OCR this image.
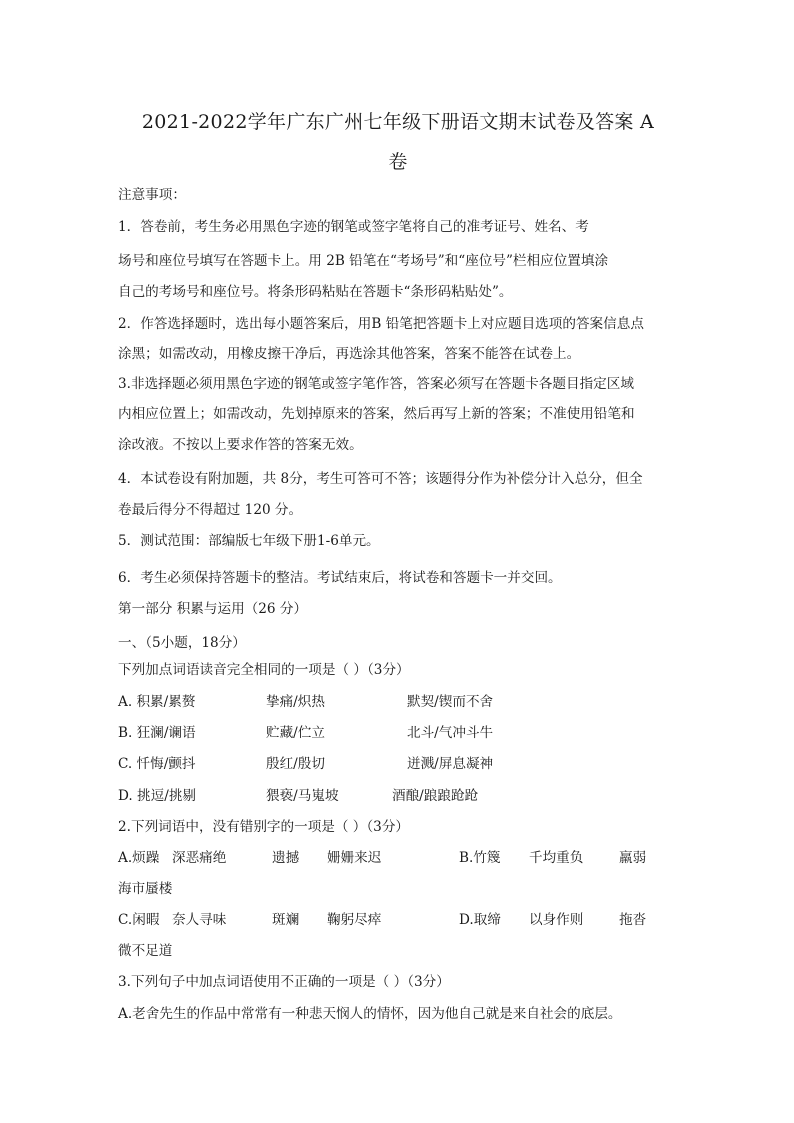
2021-2022学年广东广州七年级下册语文期末试卷及答案 A
卷
注意事项：
1．答卷前，考生务必用黑色字迹的钢笔或签字笔将自己的准考证号、姓名、考
场号和座位号填写在答题卡上。用 2B 铅笔在“考场号”和“座位号”栏相应位置填涂
自己的考场号和座位号。将条形码粘贴在答题卡“条形码粘贴处”。
2．作答选择题时，选出每小题答案后，用B 铅笔把答题卡上对应题目选项的答案信息点
涂黑；如需改动，用橡皮擦干净后，再选涂其他答案，答案不能答在试卷上。
3.非选择题必须用黑色字迹的钢笔或签字笔作答，答案必须写在答题卡各题目指定区域
内相应位置上；如需改动，先划掉原来的答案，然后再写上新的答案；不准使用铅笔和
涂改液。不按以上要求作答的答案无效。
4．本试卷设有附加题，共 8分，考生可答可不答；该题得分作为补偿分计入总分，但全
卷最后得分不得超过 120 分。
5．测试范围：部编版七年级下册1-6单元。
6．考生必须保持答题卡的整洁。考试结束后，将试卷和答题卡一并交回。
第一部分 积累与运用（26 分）
一、（5小题，18分）
下列加点词语读音完全相同的一项是（ ）（3分）
A. 积累/累赘	挚痛/炽热	默契/锲而不舍
B. 狂澜/谰语	贮藏/伫立	北斗/气冲斗牛
C. 忏悔/颤抖	殷红/殷切	迸溅/屏息凝神
D. 挑逗/挑剔	猥亵/马嵬坡	酒酿/踉踉跄跄
2.下列词语中，没有错别字的一项是（ ）（3分）
A.烦躁 深恶痛绝	遗撼 姗姗来迟	B.竹篾 千均重负	羸弱
海市蜃楼
C.闲暇 奈人寻味	斑斓 鞠躬尽瘁	D.取缔 以身作则	拖沓
微不足道
3.下列句子中加点词语使用不正确的一项是（ ）（3分）
A.老舍先生的作品中常常有一种悲天悯人的情怀，因为他自己就是来自社会的底层。
